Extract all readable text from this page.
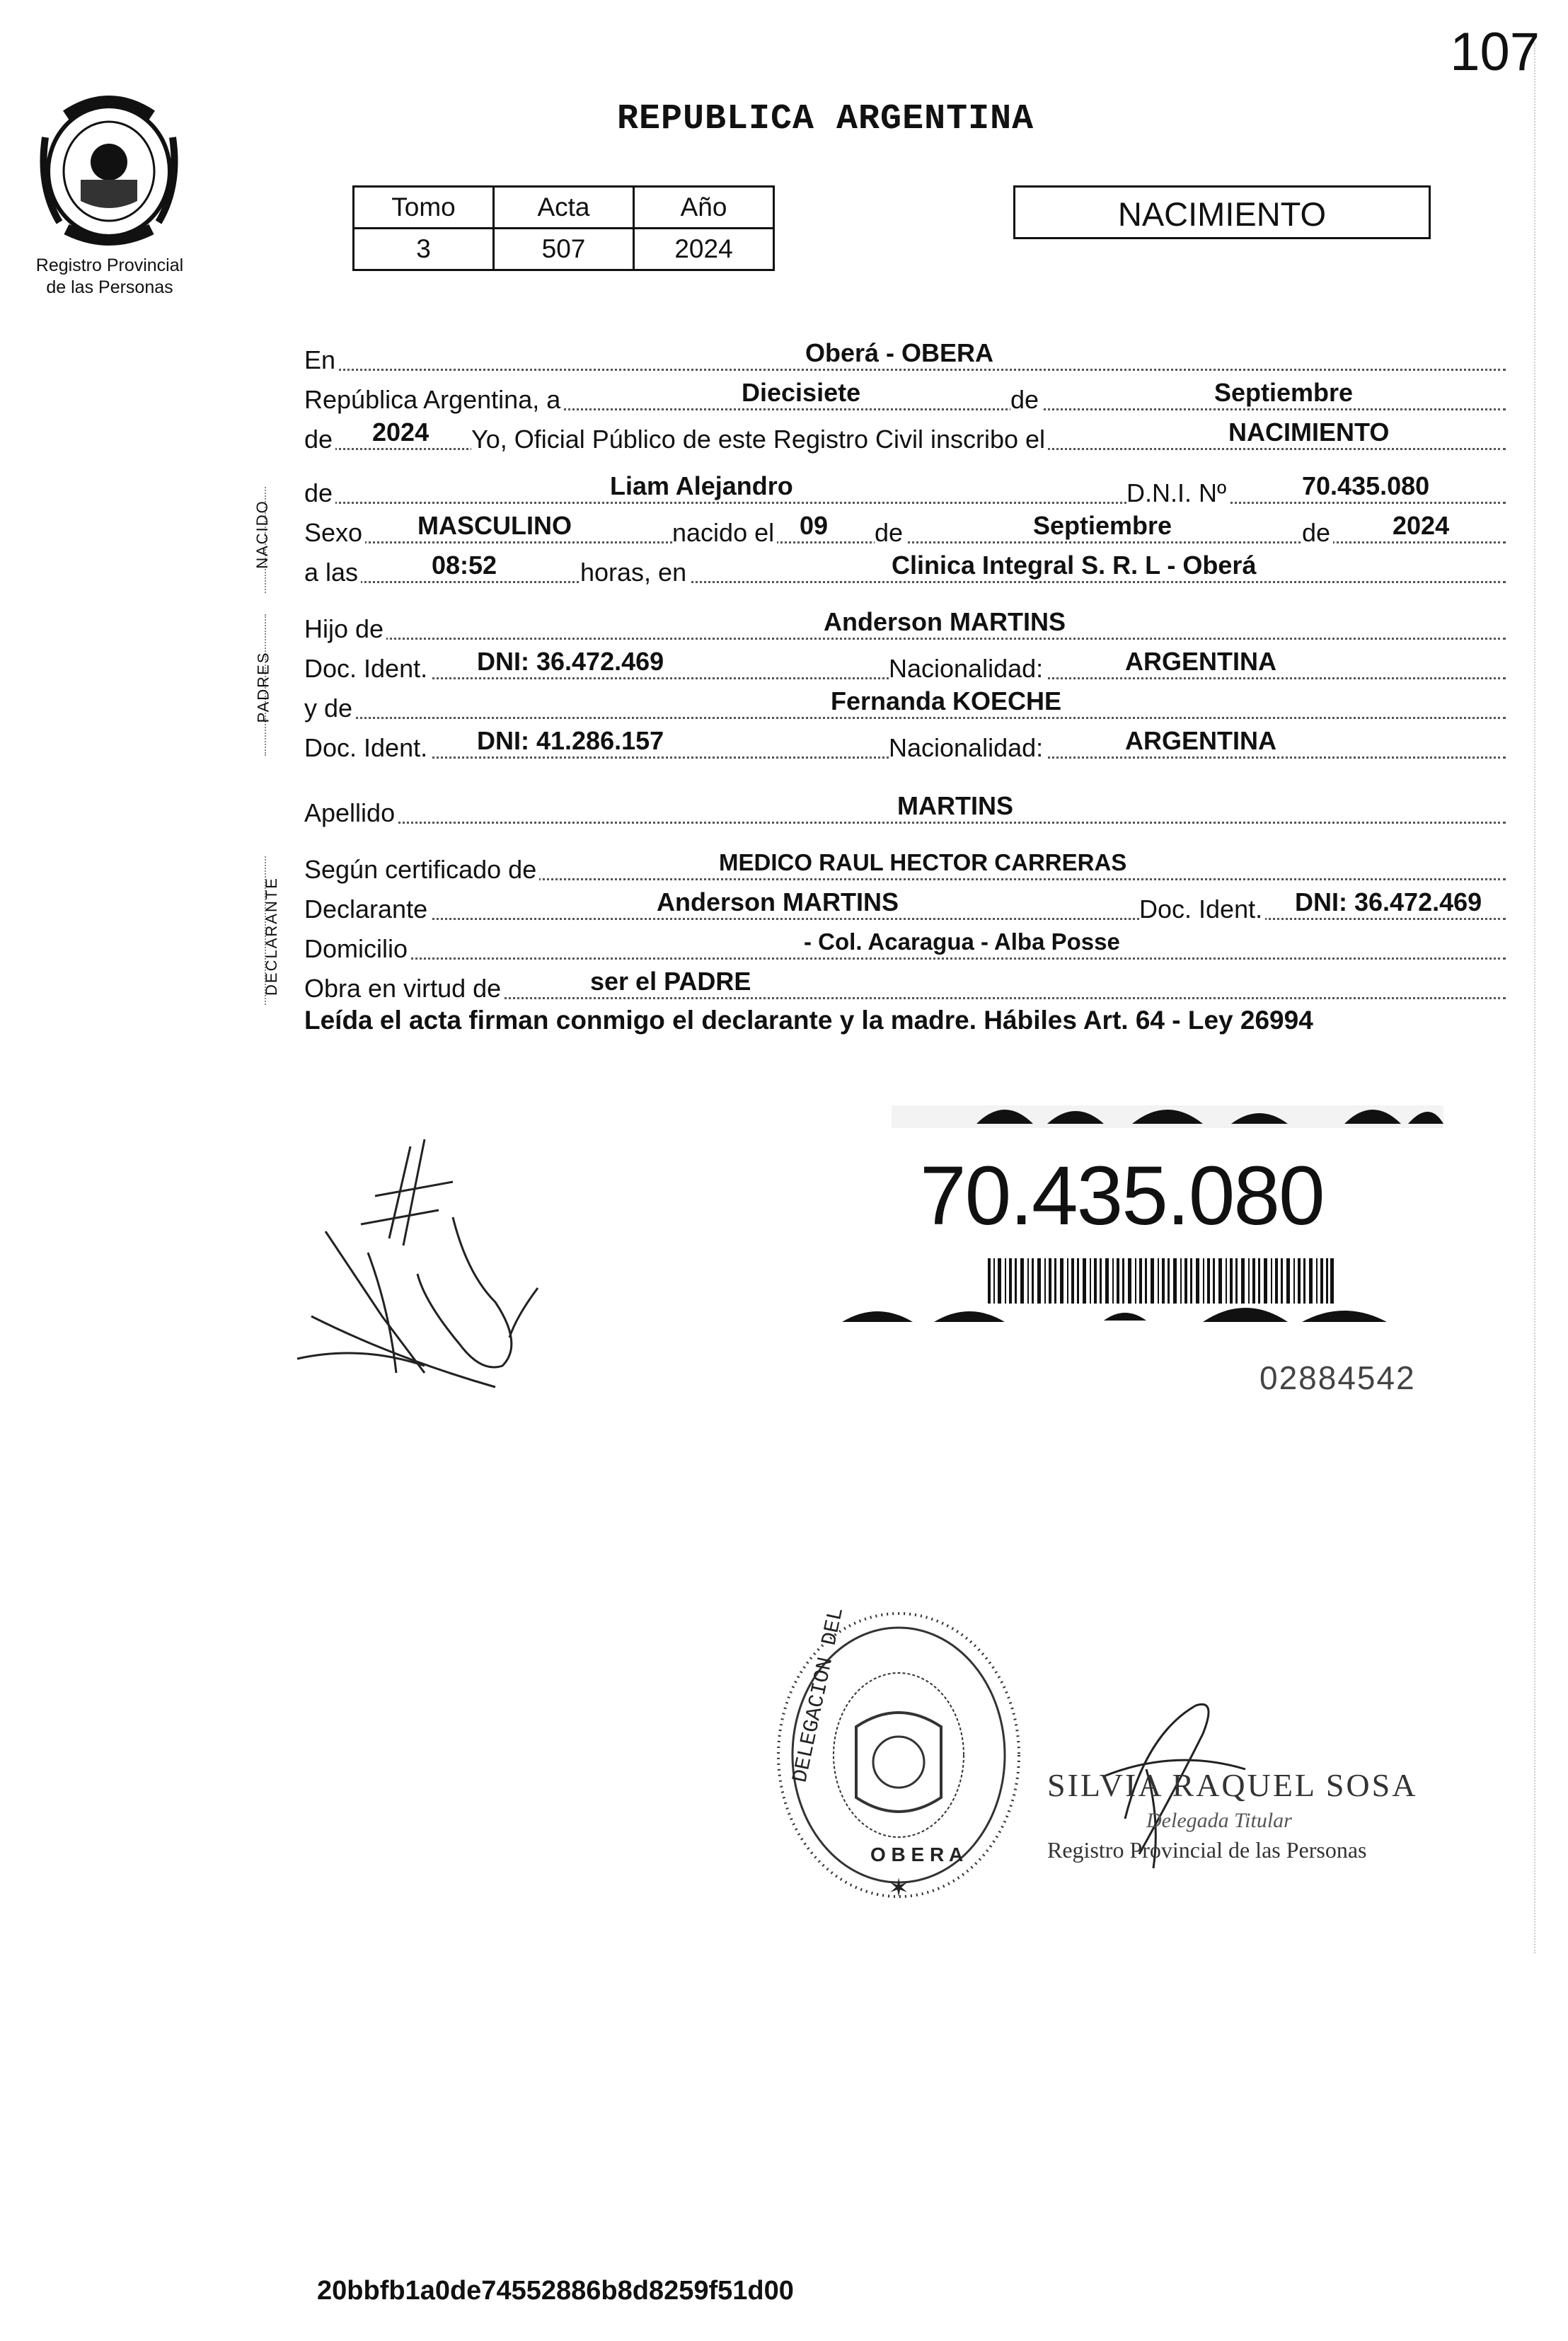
107
Registro Provincial
de las Personas
REPUBLICA ARGENTINA
Tomo	Acta	Año
3	507	2024
NACIMIENTO
NACIDO
PADRES
DECLARANTE
En	Oberá - OBERA
República Argentina, a	Diecisiete	de	Septiembre
de 2024 Yo, Oficial Público de este Registro Civil inscribo el	NACIMIENTO
de	Liam Alejandro	D.N.I. Nº	70.435.080
Sexo MASCULINO	nacido el 09 de	Septiembre	de 2024
a las	08:52	horas, en	Clinica Integral S. R. L - Oberá
Hijo de	Anderson MARTINS
Doc. Ident. DNI: 36.472.469	Nacionalidad:	ARGENTINA
y de	Fernanda KOECHE
Doc. Ident. DNI: 41.286.157	Nacionalidad:	ARGENTINA
Apellido	MARTINS
Según certificado de	MEDICO RAUL HECTOR CARRERAS
Declarante	Anderson MARTINS	Doc. Ident. DNI: 36.472.469
Domicilio	- Col. Acaragua - Alba Posse
Obra en virtud de	ser el PADRE
Leída el acta firman conmigo el declarante y la madre. Hábiles Art. 64 - Ley 26994
70.435.080
02884542
DELEGACION DEL
O B E R A
✶
SILVIA RAQUEL SOSA
Delegada Titular
Registro Provincial de las Personas
20bbfb1a0de74552886b8d8259f51d00
